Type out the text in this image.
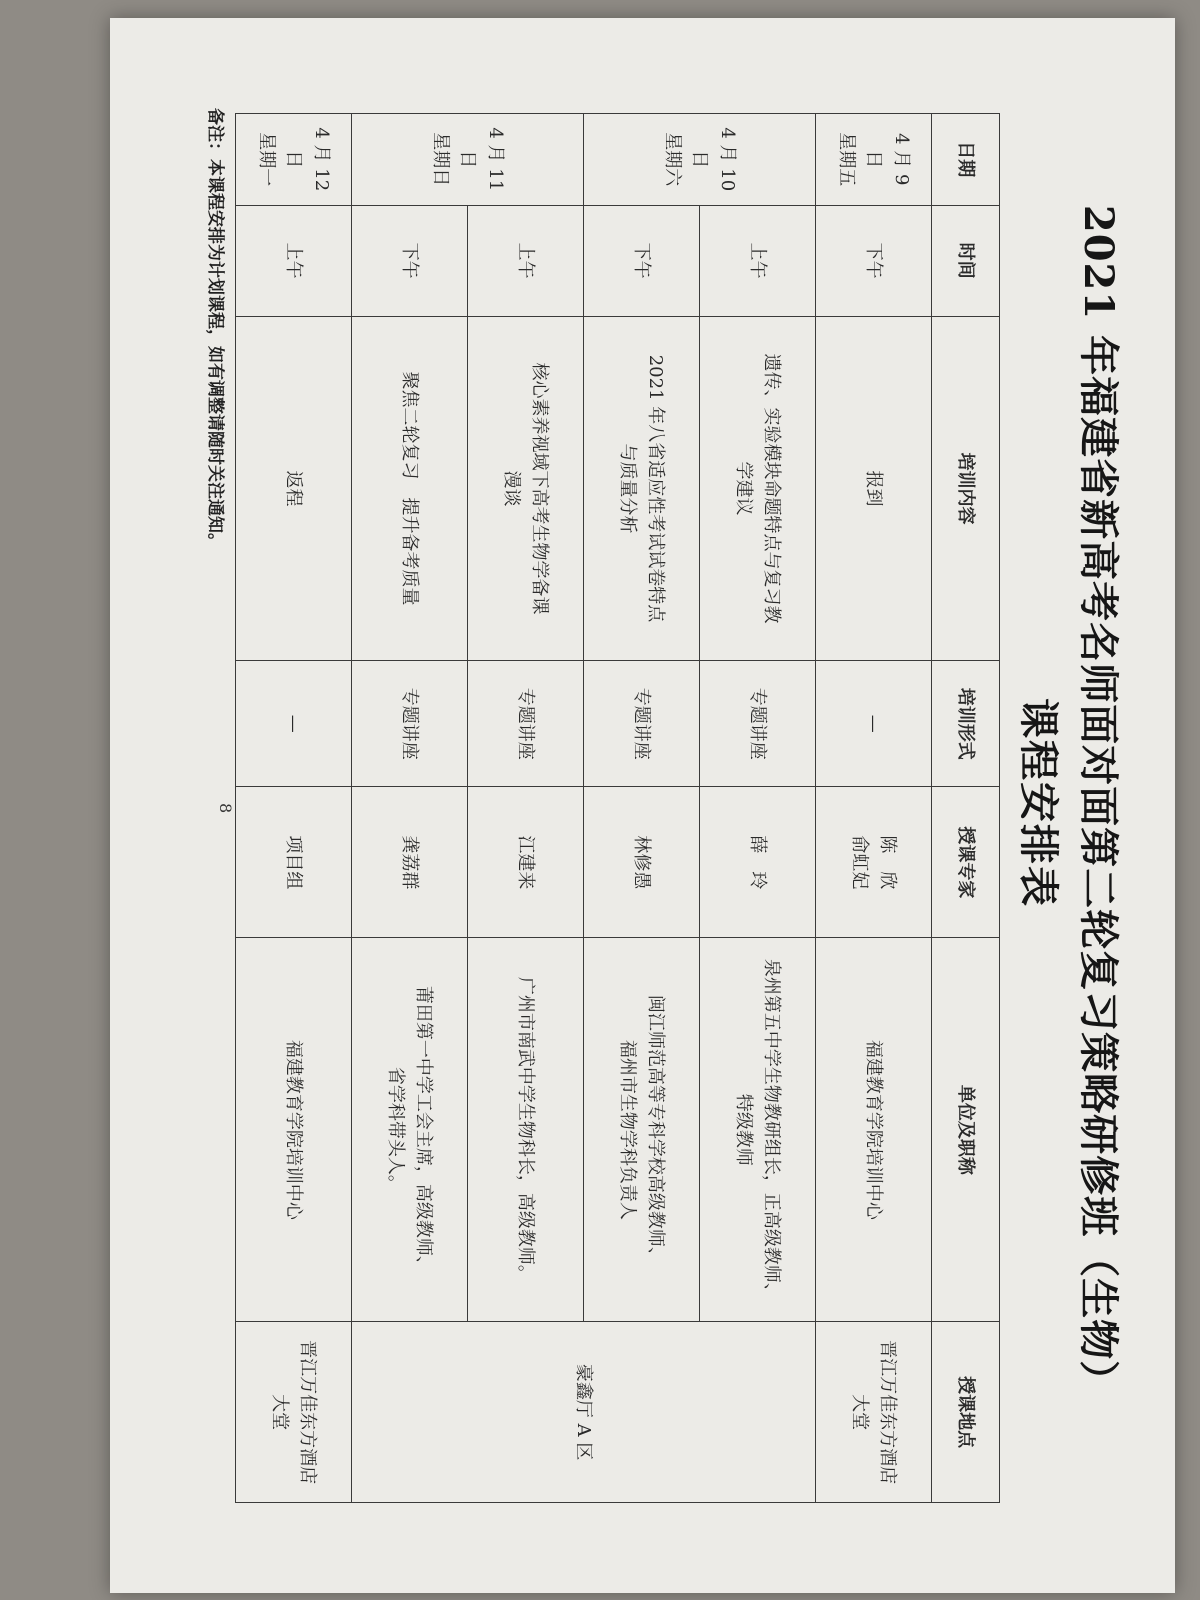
2021 年福建省新高考名师面对面第二轮复习策略研修班（生物）
课程安排表
日期	时间	培训内容	培训形式	授课专家	单位及职称	授课地点

4 月 9 日
星期五	下午	报到	—	陈　欣
俞虹妃	福建教育学院培训中心	晋江万佳东方酒店
大堂

4 月 10 日
星期六	上午	遗传、实验模块命题特点与复习教
学建议	专题讲座	薛　玲	泉州第五中学生物教研组长，正高级教师、
特级教师	豪鑫厅 A 区

	下午	2021 年八省适应性考试试卷特点
与质量分析	专题讲座	林修愚	闽江师范高等专科学校高级教师、
福州市生物学科负责人	

4 月 11 日
星期日	上午	核心素养视域下高考生物学备课
漫谈	专题讲座	江建来	广州市南武中学生物科长，高级教师。	

	下午	聚焦二轮复习　提升备考质量	专题讲座	龚荔群	莆田第一中学工会主席，高级教师、
省学科带头人。	

4 月 12 日
星期一	上午	返程	—	项目组	福建教育学院培训中心	晋江万佳东方酒店
大堂
备注：本课程安排为计划课程，如有调整请随时关注通知。
8
